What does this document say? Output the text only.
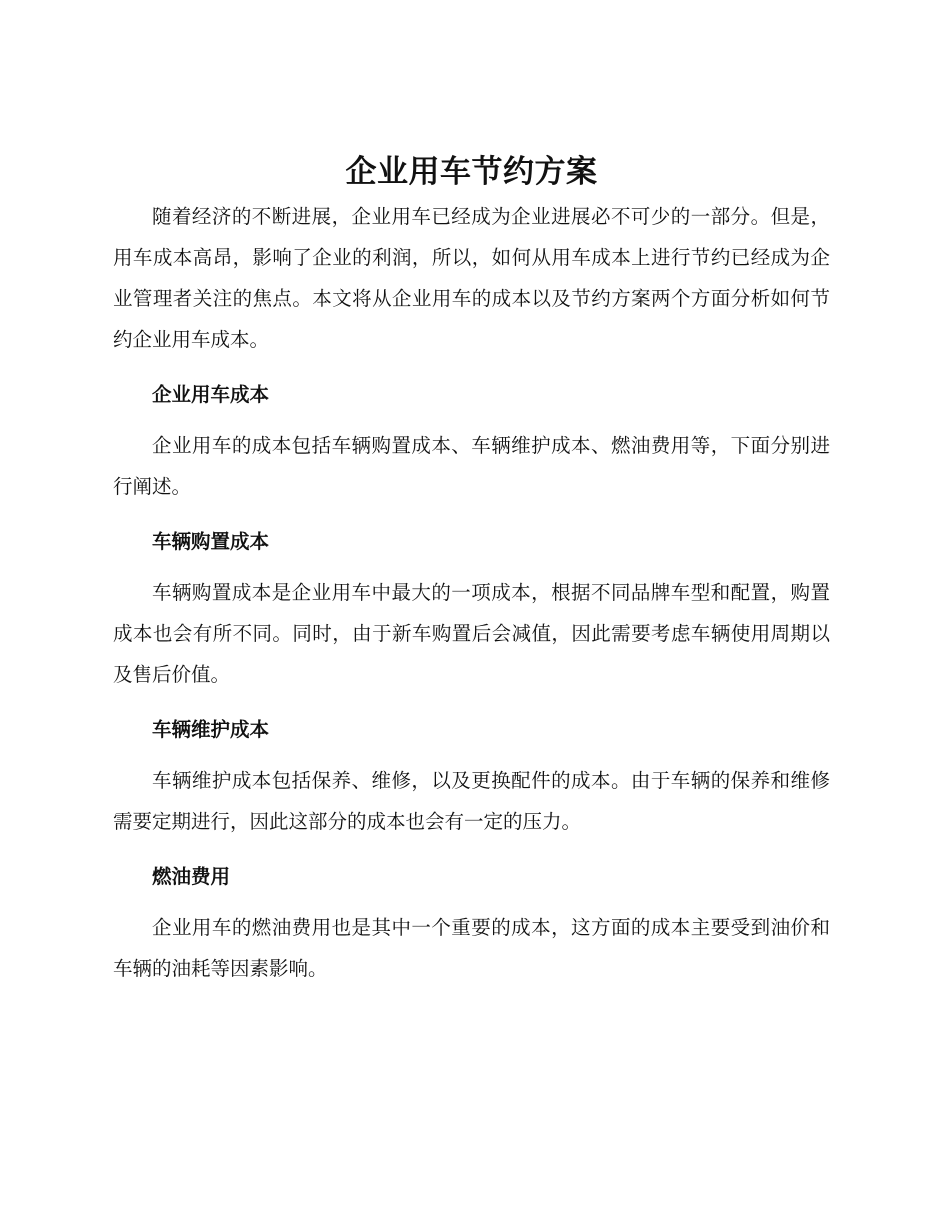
企业用车节约方案

随着经济的不断进展，企业用车已经成为企业进展必不可少的一部分。但是，用车成本高昂，影响了企业的利润，所以，如何从用车成本上进行节约已经成为企业管理者关注的焦点。本文将从企业用车的成本以及节约方案两个方面分析如何节约企业用车成本。

企业用车成本

企业用车的成本包括车辆购置成本、车辆维护成本、燃油费用等，下面分别进行阐述。

车辆购置成本

车辆购置成本是企业用车中最大的一项成本，根据不同品牌车型和配置，购置成本也会有所不同。同时，由于新车购置后会减值，因此需要考虑车辆使用周期以及售后价值。

车辆维护成本

车辆维护成本包括保养、维修，以及更换配件的成本。由于车辆的保养和维修需要定期进行，因此这部分的成本也会有一定的压力。

燃油费用

企业用车的燃油费用也是其中一个重要的成本，这方面的成本主要受到油价和车辆的油耗等因素影响。
